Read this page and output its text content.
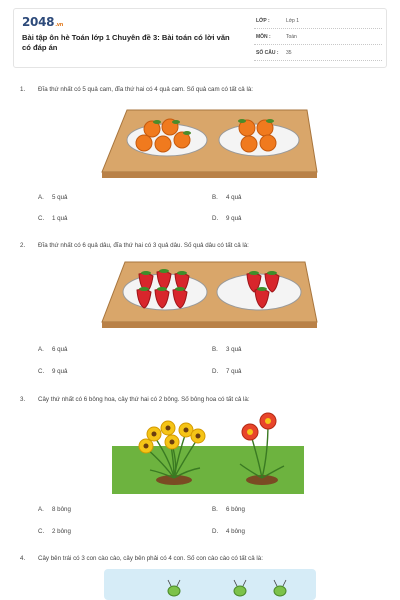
2048.vn
Bài tập ôn hè Toán lớp 1 Chuyên đề 3: Bài toán có lời văn có đáp án
LỚP :	Lớp 1
MÔN :	Toán
SỐ CÂU : 35
1. Đĩa thứ nhất có 5 quả cam, đĩa thứ hai có 4 quả cam. Số quả cam có tất cả là:
A. 5 quả	B. 4 quả
C. 1 quả	D. 9 quả
2. Đĩa thứ nhất có 6 quả dâu, đĩa thứ hai có 3 quả dâu. Số quả dâu có tất cả là:
A. 6 quả	B. 3 quả
C. 9 quả	D. 7 quả
3. Cây thứ nhất có 6 bông hoa, cây thứ hai có 2 bông. Số bông hoa có tất cả là:
A. 8 bông	B. 6 bông
C. 2 bông	D. 4 bông
4. Cây bên trái có 3 con cào cào, cây bên phải có 4 con. Số con cào cào có tất cả là:
